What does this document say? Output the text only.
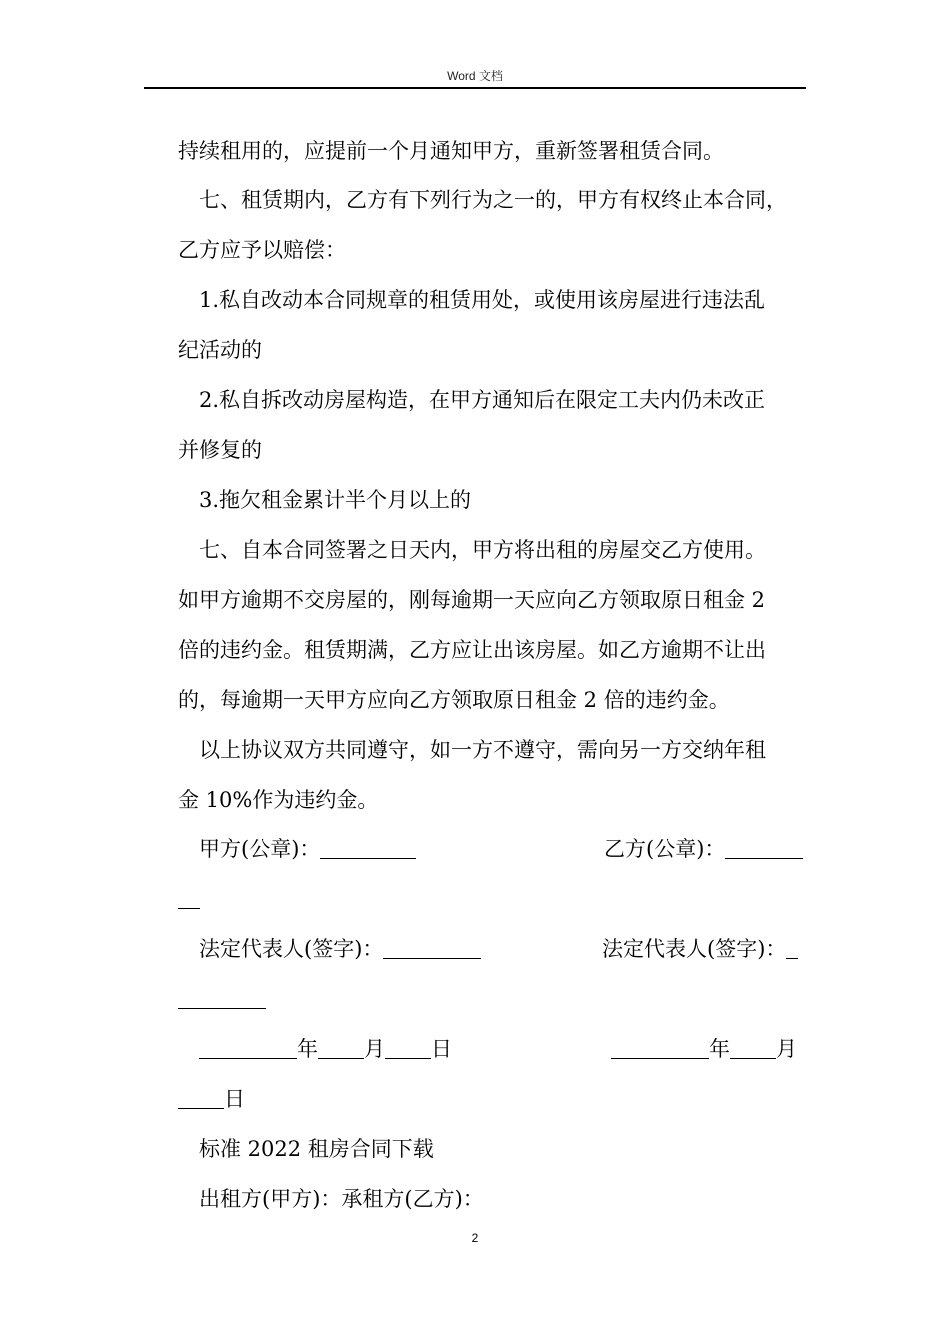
Word 文档
持续租用的，应提前一个月通知甲方，重新签署租赁合同。
七、租赁期内，乙方有下列行为之一的，甲方有权终止本合同，
乙方应予以赔偿：
1.私自改动本合同规章的租赁用处，或使用该房屋进行违法乱
纪活动的
2.私自拆改动房屋构造，在甲方通知后在限定工夫内仍未改正
并修复的
3.拖欠租金累计半个月以上的
七、自本合同签署之日天内，甲方将出租的房屋交乙方使用。
如甲方逾期不交房屋的，刚每逾期一天应向乙方领取原日租金 2
倍的违约金。租赁期满，乙方应让出该房屋。如乙方逾期不让出
的，每逾期一天甲方应向乙方领取原日租金 2 倍的违约金。
以上协议双方共同遵守，如一方不遵守，需向另一方交纳年租
金 10%作为违约金。
甲方(公章)：	乙方(公章)：
法定代表人(签字)：	法定代表人(签字)：
年 月 日	年 月
日
标准 2022 租房合同下载
出租方(甲方)：承租方(乙方)：
2
